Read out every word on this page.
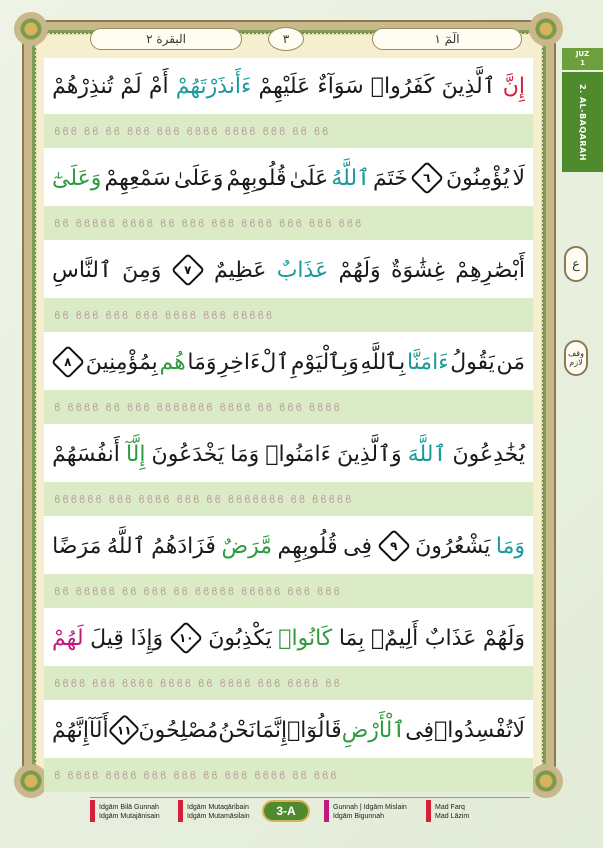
البقرة ٢	٣	الٓمٓ ١
إِنَّ
ٱلَّذِينَ
كَفَرُوا۟
سَوَآءٌ
عَلَيْهِمْ
ءَأَنذَرْتَهُمْ
أَمْ
لَمْ
تُنذِرْهُمْ
ϐϐϐ ϐϐ ϐϐ ϐϐϐ ϐϐϐ ϐϐϐϐ ϐϐϐϐ ϐϐϐ ϐϐ ϐϐ
لَا
يُؤْمِنُونَ
٦
خَتَمَ
ٱللَّهُ
عَلَىٰ
قُلُوبِهِمْ
وَعَلَىٰ
سَمْعِهِمْ
وَعَلَىٰٓ
ϐϐ ϐϐϐϐϐ ϐϐϐϐ ϐϐ ϐϐϐ ϐϐϐ ϐϐϐϐ ϐϐϐ ϐϐϐ ϐϐϐ
أَبْصَٰرِهِمْ
غِشَٰوَةٌ
وَلَهُمْ
عَذَابٌ
عَظِيمٌ
٧
وَمِنَ
ٱلنَّاسِ
ϐϐ ϐϐϐ ϐϐϐ ϐϐϐ ϐϐϐϐ ϐϐϐ ϐϐϐϐϐ
مَن
يَقُولُ
ءَامَنَّا
بِٱللَّهِ
وَبِٱلْيَوْمِ
ٱلْءَاخِرِ
وَمَا
هُم
بِمُؤْمِنِينَ
٨
ϐ ϐϐϐϐ ϐϐ ϐϐϐ ϐϐϐϐϐϐϐ ϐϐϐϐ ϐϐ ϐϐϐ ϐϐϐϐ
يُخَٰدِعُونَ
ٱللَّهَ
وَٱلَّذِينَ
ءَامَنُوا۟
وَمَا
يَخْدَعُونَ
إِلَّآ
أَنفُسَهُمْ
ϐϐϐϐϐϐ ϐϐϐ ϐϐϐϐ ϐϐϐ ϐϐ ϐϐϐϐϐϐϐ ϐϐ ϐϐϐϐϐ
وَمَا
يَشْعُرُونَ
٩
فِى
قُلُوبِهِم
مَّرَضٌ
فَزَادَهُمُ
ٱللَّهُ
مَرَضًا
ϐϐ ϐϐϐϐϐ ϐϐ ϐϐϐ ϐϐ ϐϐϐϐϐ ϐϐϐϐϐ ϐϐϐ ϐϐϐ
وَلَهُمْ
عَذَابٌ
أَلِيمٌۢ
بِمَا
كَانُوا۟
يَكْذِبُونَ
١٠
وَإِذَا
قِيلَ
لَهُمْ
ϐϐϐϐ ϐϐϐ ϐϐϐϐ ϐϐϐϐ ϐϐ ϐϐϐϐ ϐϐϐ ϐϐϐϐ ϐϐ
لَا
تُفْسِدُوا۟
فِى
ٱلْأَرْضِ
قَالُوٓا۟
إِنَّمَا
نَحْنُ
مُصْلِحُونَ
١١
أَلَآ
إِنَّهُمْ
ϐ ϐϐϐϐ ϐϐϐϐ ϐϐϐ ϐϐϐ ϐϐ ϐϐϐ ϐϐϐϐ ϐϐ ϐϐϐ
JUZ
1
2. AL-BAQARAH
ع
وقف لازم
Idgām Bilā Gunnah
Idgām Mutajānisain
Idgām Mutaqāribain
Idgām Mutamāsilain
Gunnah | Idgām Mislain
Idgām Bigunnah
Mad Farq
Mad Lāzim
3-A
